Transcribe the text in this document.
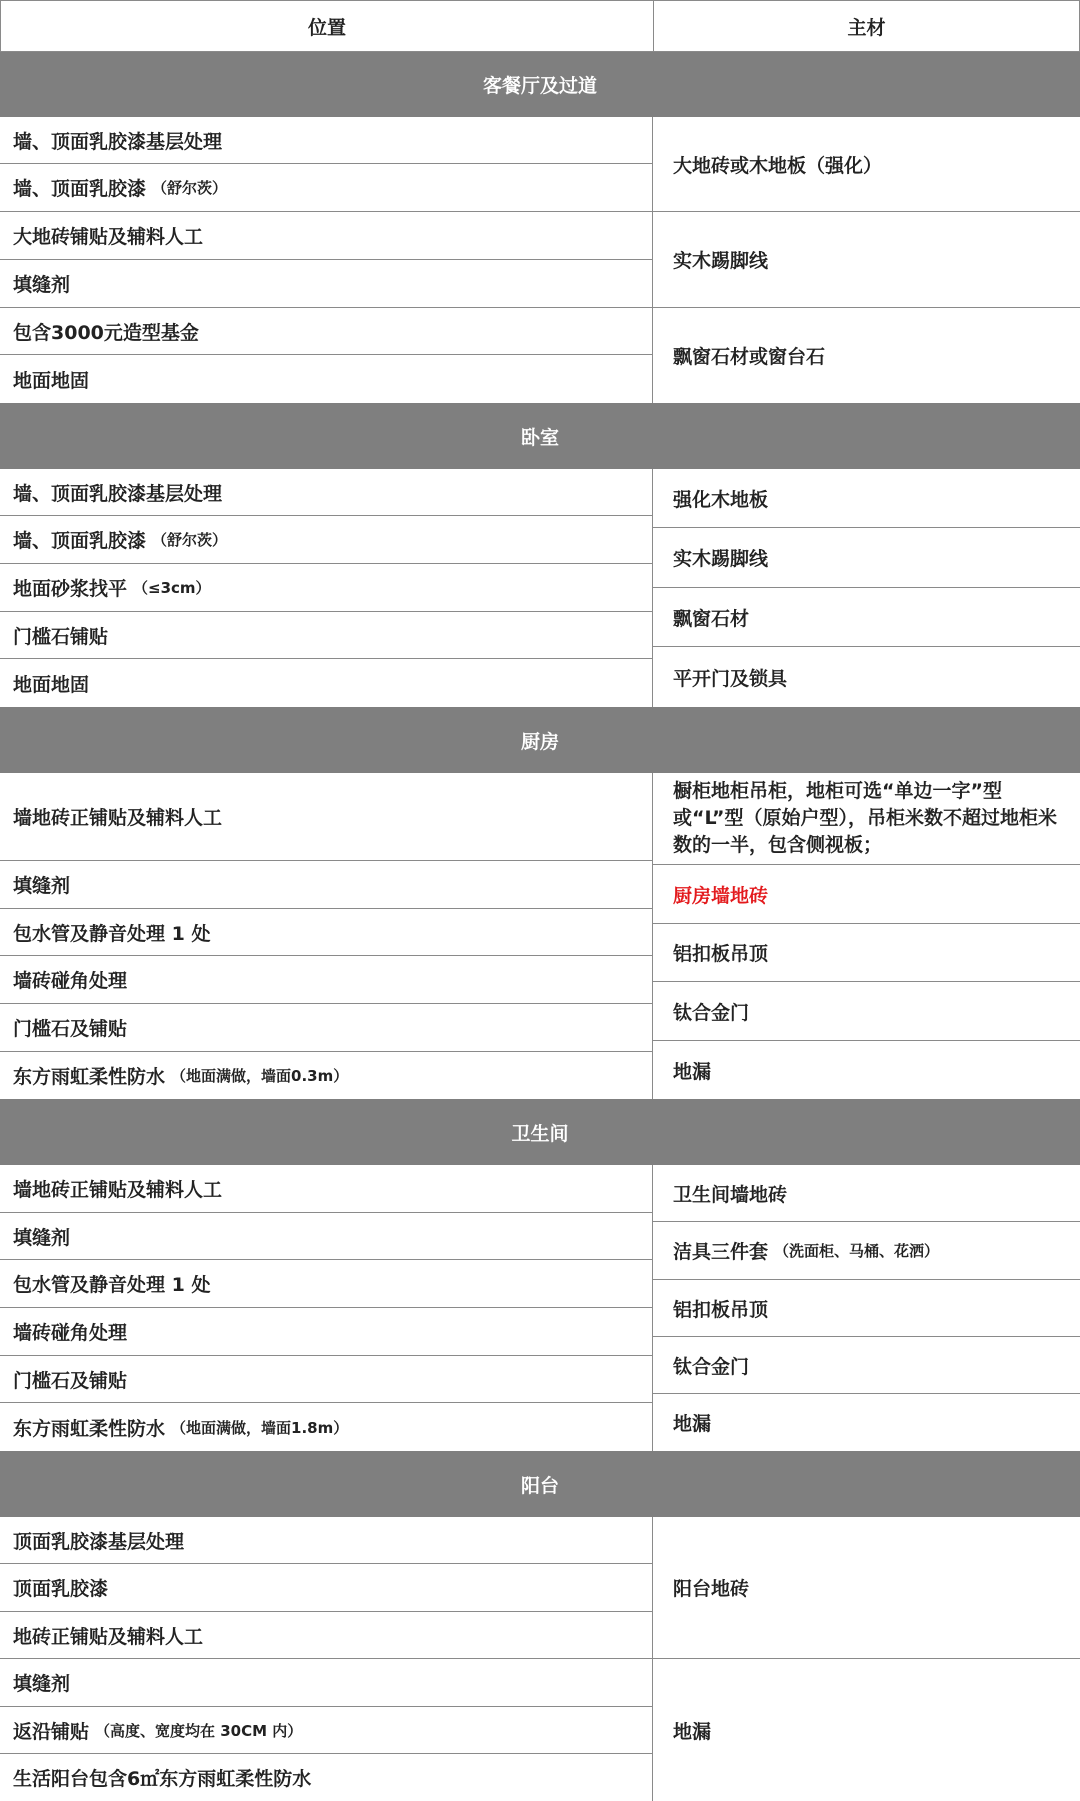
位置	主材
客餐厅及过道
墙、顶面乳胶漆基层处理
墙、顶面乳胶漆 （舒尔茨）
大地砖铺贴及辅料人工
填缝剂
包含3000元造型基金
地面地固
大地砖或木地板（强化）
实木踢脚线
飘窗石材或窗台石
卧室
墙、顶面乳胶漆基层处理
墙、顶面乳胶漆 （舒尔茨）
地面砂浆找平 （≤3cm）
门槛石铺贴
地面地固
强化木地板
实木踢脚线
飘窗石材
平开门及锁具
厨房
墙地砖正铺贴及辅料人工
填缝剂
包水管及静音处理 1 处
墙砖碰角处理
门槛石及铺贴
东方雨虹柔性防水 （地面满做，墙面0.3m）
橱柜地柜吊柜，地柜可选“单边一字”型或“L”型（原始户型），吊柜米数不超过地柜米数的一半，包含侧视板；
厨房墙地砖
铝扣板吊顶
钛合金门
地漏
卫生间
墙地砖正铺贴及辅料人工
填缝剂
包水管及静音处理 1 处
墙砖碰角处理
门槛石及铺贴
东方雨虹柔性防水 （地面满做，墙面1.8m）
卫生间墙地砖
洁具三件套 （洗面柜、马桶、花洒）
铝扣板吊顶
钛合金门
地漏
阳台
顶面乳胶漆基层处理
顶面乳胶漆
地砖正铺贴及辅料人工
填缝剂
返沿铺贴 （高度、宽度均在 30CM 内）
生活阳台包含6㎡东方雨虹柔性防水
阳台地砖
地漏
